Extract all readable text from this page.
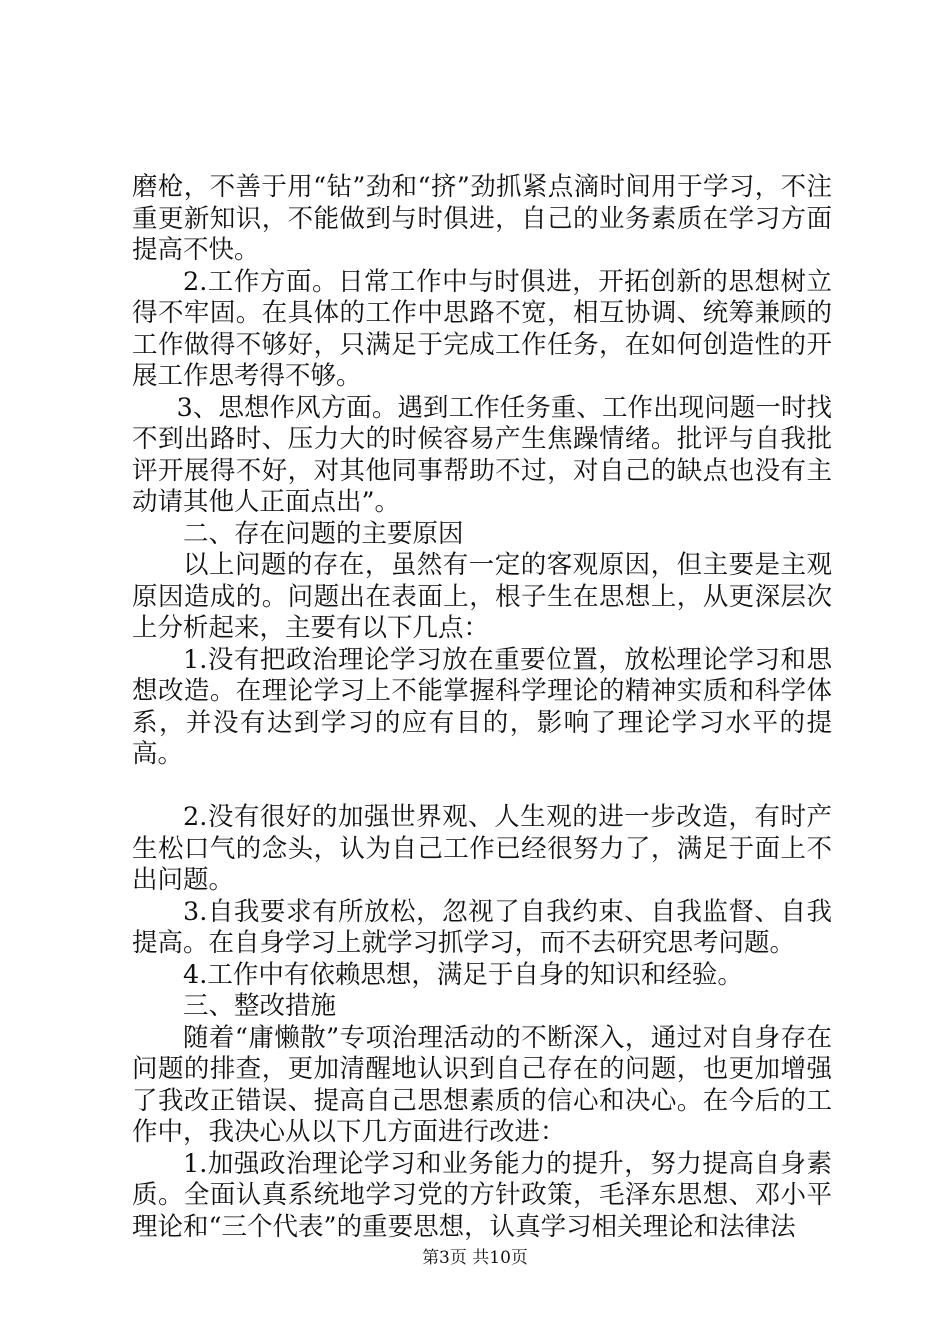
磨枪，不善于用“钻”劲和“挤”劲抓紧点滴时间用于学习，不注重更新知识，不能做到与时俱进，自己的业务素质在学习方面提高不快。

2.工作方面。日常工作中与时俱进，开拓创新的思想树立得不牢固。在具体的工作中思路不宽，相互协调、统筹兼顾的工作做得不够好，只满足于完成工作任务，在如何创造性的开展工作思考得不够。

3、思想作风方面。遇到工作任务重、工作出现问题一时找不到出路时、压力大的时候容易产生焦躁情绪。批评与自我批评开展得不好，对其他同事帮助不过，对自己的缺点也没有主动请其他人正面点出”。

二、存在问题的主要原因

以上问题的存在，虽然有一定的客观原因，但主要是主观原因造成的。问题出在表面上，根子生在思想上，从更深层次上分析起来，主要有以下几点：

1.没有把政治理论学习放在重要位置，放松理论学习和思想改造。在理论学习上不能掌握科学理论的精神实质和科学体系，并没有达到学习的应有目的，影响了理论学习水平的提高。

2.没有很好的加强世界观、人生观的进一步改造，有时产生松口气的念头，认为自己工作已经很努力了，满足于面上不出问题。

3.自我要求有所放松，忽视了自我约束、自我监督、自我提高。在自身学习上就学习抓学习，而不去研究思考问题。

4.工作中有依赖思想，满足于自身的知识和经验。

三、整改措施

随着“庸懒散”专项治理活动的不断深入，通过对自身存在问题的排查，更加清醒地认识到自己存在的问题，也更加增强了我改正错误、提高自己思想素质的信心和决心。在今后的工作中，我决心从以下几方面进行改进：

1.加强政治理论学习和业务能力的提升，努力提高自身素质。全面认真系统地学习党的方针政策，毛泽东思想、邓小平理论和“三个代表”的重要思想，认真学习相关理论和法律法

第3页 共10页
